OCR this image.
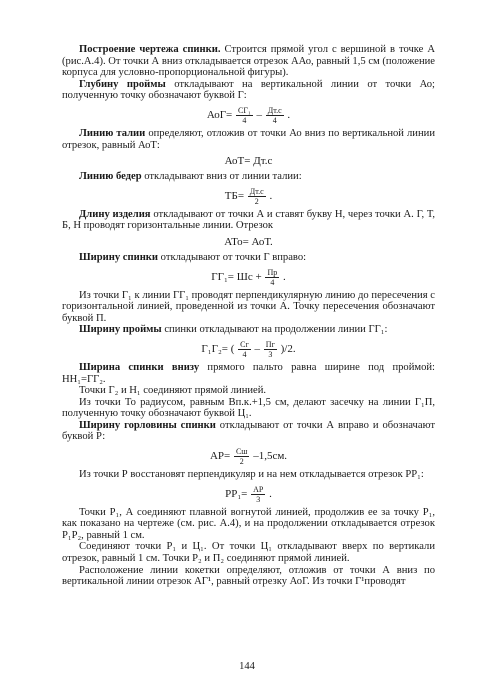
Построение чертежа спинки. Строится прямой угол с вершиной в точке А (рис.А.4). От точки А вниз откладывается отрезок ААо, равный 1,5 см (положение корпуса для условно-пропорциональной фигуры).

Глубину проймы откладывают на вертикальной линии от точки Ао; полученную точку обозначают буквой Г:

$АоГ= \frac{\text{СГ₁}}{4} - \frac{Дт.с}{4}$ .

Линию талии определяют, отложив от точки Ао вниз по вертикальной линии отрезок, равный АоТ:

АоТ= Дт.с

Линию бедер откладывают вниз от линии талии:

$ТБ= \frac{Дт.с}{2}$ .

Длину изделия откладывают от точки А и ставят букву Н, через точки А. Г, Т, Б, Н проводят горизонтальные линии. Отрезок

АТо= АоТ.

Ширину спинки откладывают от точки Г вправо:

ГГ₁= Шс + $\frac{Пр}{4}$ .

Из точки Г₁ к линии ГГ₁ проводят перпендикулярную линию до пересечения с горизонтальной линией, проведенной из точки А. Точку пересечения обозначают буквой П.

Ширину проймы спинки откладывают на продолжении линии ГГ₁:

Г₁Г₂= ( $\frac{Сг}{4} - \frac{Пг}{3} )/2$.

Ширина спинки внизу прямого пальто равна ширине под проймой: НН₁=ГГ₂.

Точки Г₂ и Н₁ соединяют прямой линией.

Из точки То радиусом, равным Вп.к.+1,5 см, делают засечку на линии Г₁П, полученную точку обозначают буквой Ц₁.

Ширину горловины спинки откладывают от точки А вправо и обозначают буквой Р:

$АР= \frac{Сш}{2} -1,5см$.

Из точки Р восстановят перпендикуляр и на нем откладывается отрезок РР₁:

$РР_1= \frac{АР}{3}$ .

Точки Р₁, А соединяют плавной вогнутой линией, продолжив ее за точку Р₁, как показано на чертеже (см. рис. А.4), и на продолжении откладывается отрезок Р₁Р₂, равный 1 см.

Соединяют точки Р₁ и Ц₁. От точки Ц₁ откладывают вверх по вертикали отрезок, равный 1 см. Точки Р₂ и П₂ соединяют прямой линией.

Расположение линии кокетки определяют, отложив от точки А вниз по вертикальной линии отрезок АГ¹, равный отрезку АоГ. Из точки Г¹проводят

144
